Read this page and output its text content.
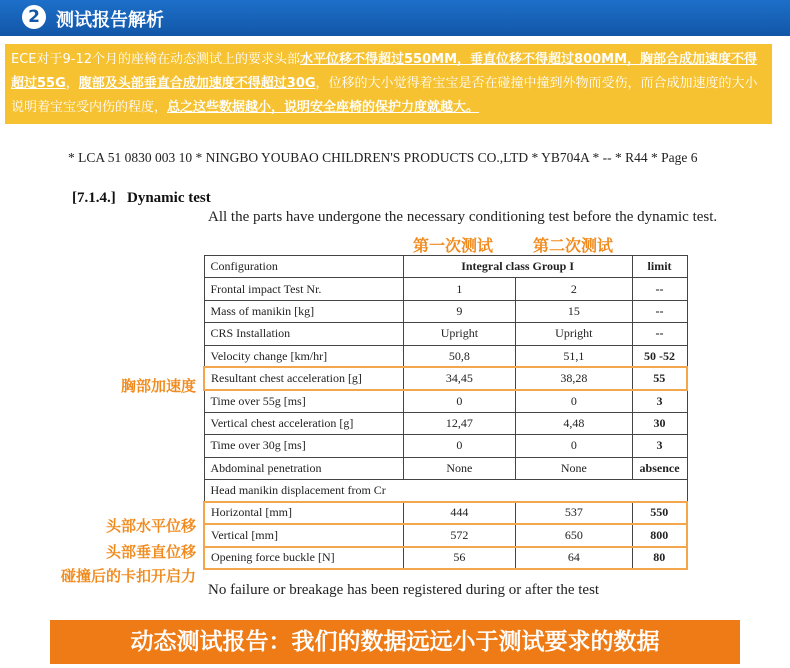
2 测试报告解析
ECE对于9-12个月的座椅在动态测试上的要求头部水平位移不得超过550MM，垂直位移不得超过800MM，胸部合成加速度不得超过55G，腹部及头部垂直合成加速度不得超过30G，位移的大小觉得着宝宝是否在碰撞中撞到外物而受伤，而合成加速度的大小说明着宝宝受内伤的程度，总之这些数据越小，说明安全座椅的保护力度就越大。
* LCA 51 0830 003 10 * NINGBO YOUBAO CHILDREN'S PRODUCTS CO.,LTD * YB704A * -- * R44 * Page 6
[7.1.4.]   Dynamic test
All the parts have undergone the necessary conditioning test before the dynamic test.
第一次测试 第二次测试
Configuration	Integral class Group I		limit
Frontal impact Test Nr.	1	2	--
Mass of manikin [kg]	9	15	--
CRS Installation	Upright	Upright	--
Velocity change [km/hr]	50,8	51,1	50 -52
Resultant chest acceleration [g]	34,45	38,28	55
Time over 55g [ms]	0	0	3
Vertical chest acceleration [g]	12,47	4,48	30
Time over 30g [ms]	0	0	3
Abdominal penetration	None	None	absence
Head manikin displacement from Cr			
Horizontal [mm]	444	537	550
Vertical [mm]	572	650	800
Opening force buckle [N]	56	64	80
胸部加速度
头部水平位移
头部垂直位移
碰撞后的卡扣开启力
No failure or breakage has been registered during or after the test
动态测试报告：我们的数据远远小于测试要求的数据
